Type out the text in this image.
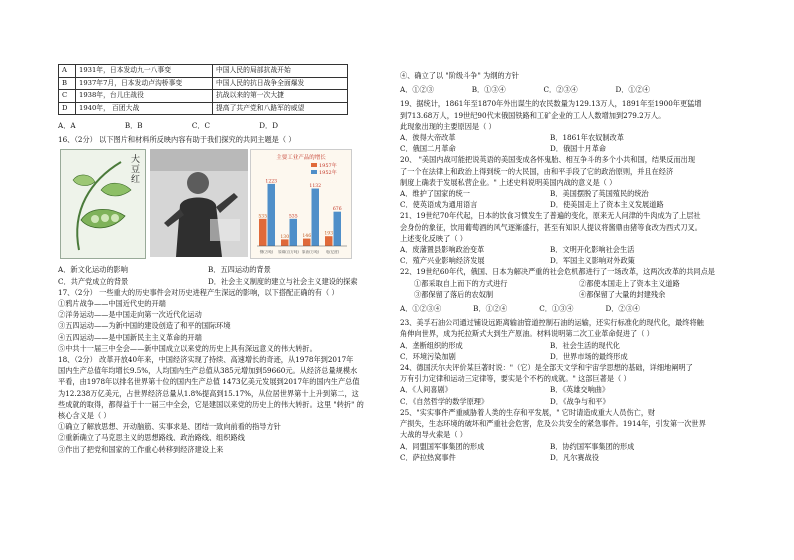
A	1931年，日本发动九一八事变	中国人民的局部抗战开始
B	1937年7月，日本发动卢沟桥事变	中国人民的抗日战争全面爆发
C	1938年，台儿庄战役	抗战以来的第一次大捷
D	1940年， 百团大战	提高了共产党和八路军的威望
A．A	B．B	C．C	D．D

16、（2分） 以下图片和材料所反映内容有助于我们探究的共同主题是（ ）

大豆红	主要工业产品的增长
1957年
1952年
535
1223
130
535
146
1132
193
676
钢(万吨) 原煤(百万吨) 原油(万吨) 电(亿度)
A．新文化运动的影响	B．五四运动的背景
C．共产党成立的背景	D．社会主义制度的建立与社会主义建设的探索

17、（2分） 一些重大的历史事件会对历史进程产生深远的影响，以下搭配正确的有（ ）

①鸦片战争——中国近代史的开端

②洋务运动——是中国走向第一次近代化运动

③五四运动——为新中国的建设创造了和平的国际环境

④五四运动——是中国新民主主义革命的开端

⑤中共十一届三中全会——新中国成立以来党的历史上具有深远意义的伟大转折。

18、（2分） 改革开放40年来，中国经济实现了持续、高速增长的奇迹，从1978年到2017年

国内生产总值年均增长9.5%，人均国内生产总值从385元增加到59660元。从经济总量规模水

平看，由1978年以排名世界第十位的国内生产总值 1473亿美元发展到2017年的国内生产总值

为12.238万亿美元，占世界经济总量从1.8%提高到15.17%，从位居世界第十上升到第二，这

些成就的取得，都得益于十一届三中全会，它是建国以来党的历史上的伟大转折。这里 "转折" 的

核心含义是（ ）

①确立了解放思想、开动脑筋、实事求是、团结一致向前看的指导方针

②重新确立了马克思主义的思想路线、政治路线、组织路线

③作出了把党和国家的工作重心转移到经济建设上来

④、确立了以 "阶级斗争" 为纲的方针

A．①②③	B．①③④	C．②③④	D．①②④

19、据统计，1861年至1870年外出谋生的农民数量为129.13万人，1891年至1900年更猛增

到713.68万人，19世纪90代末俄国铁路和工矿企业的工人人数增加到279.2万人。

此现象出现的主要原因是（ ）

A．彼得大帝改革	B．1861年农奴制改革
C．俄国二月革命	D．俄国十月革命

20、 "美国内战可能把说英语的美国变成各怀鬼胎、相互争斗的多个小共和国，结果反而出现

了一个在法律上和政治上得到统一的大民国，由和平手段了它的政治原则，并且在经济

制度上确表于发展私营企业。" 上述史料说明美国内战的意义是（ ）

A．维护了国家的统一	B．美国摆脱了英国殖民的统治
C．使英语成为通用语言	D．使美国走上了资本主义发展道路

21、19世纪70年代起，日本的饮食习惯发生了普遍的变化，原来无人问津的牛肉成为了上层社

会身份的象征，饮用葡萄酒的风气逐渐盛行，甚至有知识人提议将酱鼎由猪等食改为西式刀叉。

上述变化反映了（ ）

A．废藩置县影响政治变革	B．文明开化影响社会生活
C．殖产兴业影响经济发展	D．军国主义影响对外政策

22、19世纪60年代，俄国、日本为解决严重的社会危机都进行了一场改革，这两次改革的共同点是

①都采取自上而下的方式进行	②都使本国走上了资本主义道路
③都保留了落后的农奴制	④都保留了大量的封建残余
A．①②③④	B．①②④	C．①③④	D．②③④

23、美孚石油公司通过铺设远距离输油管道控制石油的运输，还实行标准化的现代化，最终将触

角伸向世界，成为托拉斯式大到生产原油。材料说明第二次工业革命促进了（ ）

A．垄断组织的形成	B．社会生活的现代化
C．环境污染加剧	D．世界市场的最终形成

24、德国沃尔夫评价某巨著时说："（它）是全部天文学和宇宙学思想的基础，详细地阐明了

万有引力定律和运动三定律等，要实是个不朽的成就。" 这部巨著是（ ）

A．《人间喜剧》	B．《英雄交响曲》
C．《自然哲学的数学原理》	D．《战争与和平》

25、"实实事件严重威胁着人类的生存和平发展，" 它时请造成重大人员伤亡，财

产损失，生态环境的破坏和严重社会危害，危及公共安全的紧急事件。1914年，引发第一次世界

大战的导火索是（ ）

A．同盟国军事集团的形成	B．协约国军事集团的形成
C．萨拉热窝事件	D．凡尔赛战役
